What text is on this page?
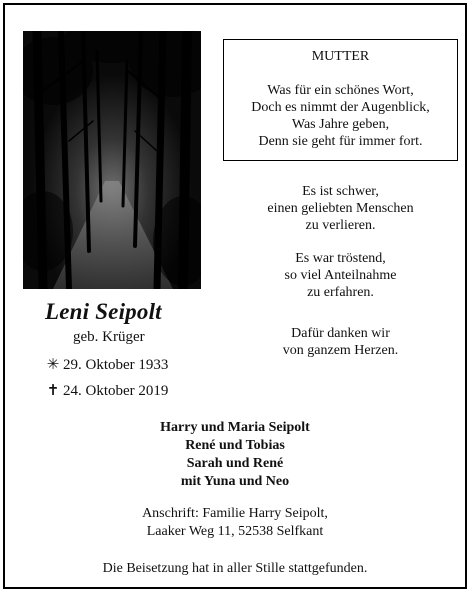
MUTTER
Was für ein schönes Wort,
Doch es nimmt der Augenblick,
Was Jahre geben,
Denn sie geht für immer fort.
Es ist schwer,
einen geliebten Menschen
zu verlieren.
Es war tröstend,
so viel Anteilnahme
zu erfahren.
Dafür danken wir
von ganzem Herzen.
Leni Seipolt
geb. Krüger
✳ 29. Oktober 1933
✝ 24. Oktober 2019
Harry und Maria Seipolt
René und Tobias
Sarah und René
mit Yuna und Neo
Anschrift: Familie Harry Seipolt,
Laaker Weg 11, 52538 Selfkant
Die Beisetzung hat in aller Stille stattgefunden.
